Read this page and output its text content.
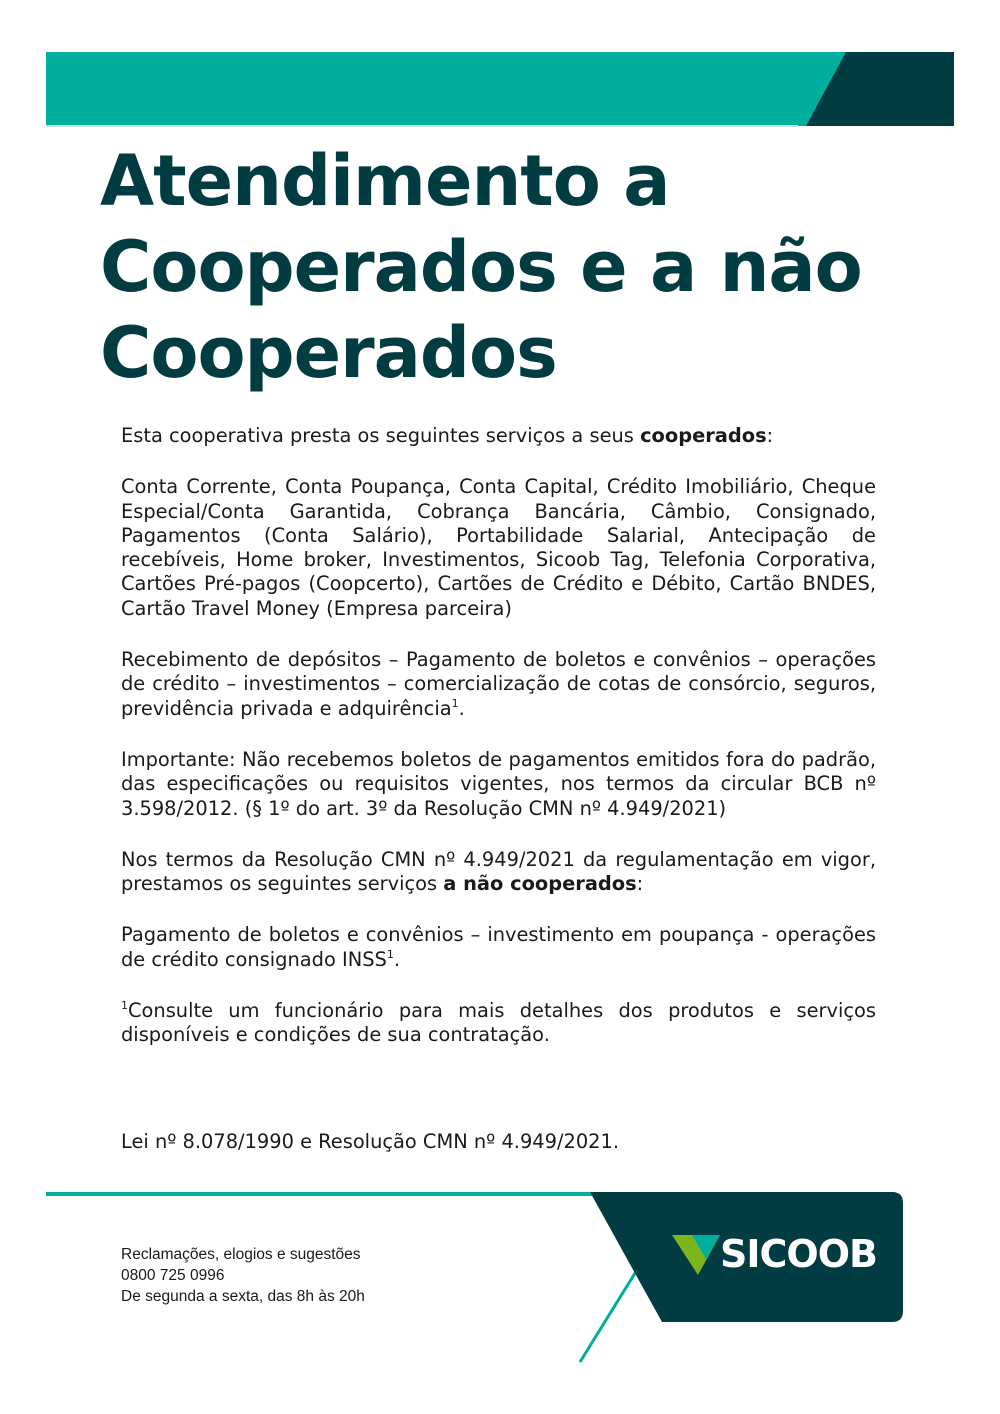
Atendimento a
Cooperados e a não
Cooperados

Esta cooperativa presta os seguintes serviços a seus cooperados:

Conta Corrente, Conta Poupança, Conta Capital, Crédito Imobiliário, Cheque Especial/Conta Garantida, Cobrança Bancária, Câmbio, Consignado, Pagamentos (Conta Salário), Portabilidade Salarial, Antecipação de recebíveis, Home broker, Investimentos, Sicoob Tag, Telefonia Corporativa, Cartões Pré-pagos (Coopcerto), Cartões de Crédito e Débito, Cartão BNDES, Cartão Travel Money (Empresa parceira)

Recebimento de depósitos – Pagamento de boletos e convênios – operações de crédito – investimentos – comercialização de cotas de consórcio, seguros, previdência privada e adquirência$^1$.

Importante: Não recebemos boletos de pagamentos emitidos fora do padrão, das especificações ou requisitos vigentes, nos termos da circular BCB nº 3.598/2012. (§ 1º do art. 3º da Resolução CMN nº 4.949/2021)

Nos termos da Resolução CMN nº 4.949/2021 da regulamentação em vigor, prestamos os seguintes serviços a não cooperados:

Pagamento de boletos e convênios – investimento em poupança - operações de crédito consignado INSS$^1$.

$^1$Consulte um funcionário para mais detalhes dos produtos e serviços disponíveis e condições de sua contratação.

Lei nº 8.078/1990 e Resolução CMN nº 4.949/2021.

Reclamações, elogios e sugestões
0800 725 0996
De segunda a sexta, das 8h às 20h

SICOOB
